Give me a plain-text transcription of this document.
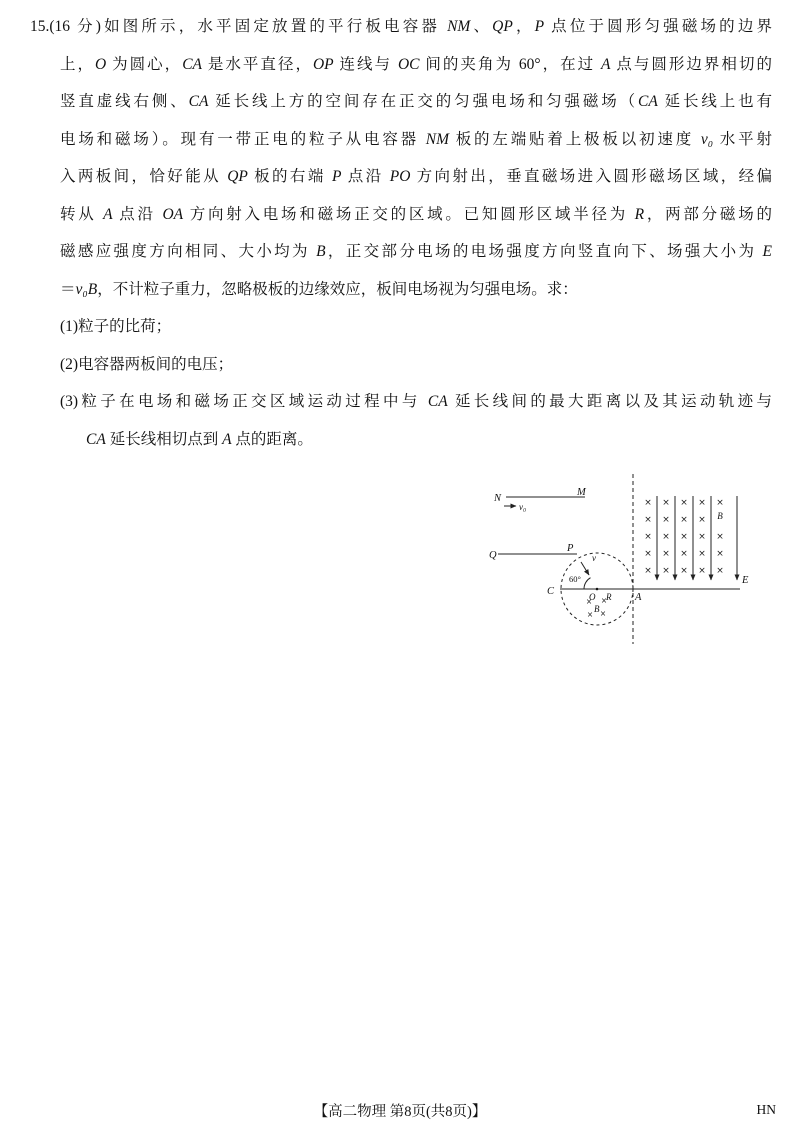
15.(16 分)如图所示，水平固定放置的平行板电容器 NM、QP，P 点位于圆形匀强磁场的边界
上，O 为圆心，CA 是水平直径，OP 连线与 OC 间的夹角为 60°，在过 A 点与圆形边界相切的
竖直虚线右侧、CA 延长线上方的空间存在正交的匀强电场和匀强磁场（CA 延长线上也有
电场和磁场）。现有一带正电的粒子从电容器 NM 板的左端贴着上极板以初速度 v₀ 水平射
入两板间，恰好能从 QP 板的右端 P 点沿 PO 方向射出，垂直磁场进入圆形磁场区域，经偏
转从 A 点沿 OA 方向射入电场和磁场正交的区域。已知圆形区域半径为 R，两部分磁场的
磁感应强度方向相同、大小均为 B，正交部分电场的电场强度方向竖直向下、场强大小为 E
＝v₀B，不计粒子重力，忽略极板的边缘效应，板间电场视为匀强电场。求：
(1)粒子的比荷；
(2)电容器两板间的电压；
(3)粒子在电场和磁场正交区域运动过程中与 CA 延长线间的最大距离以及其运动轨迹与
CA 延长线相切点到 A 点的距离。
N
M
v₀
Q
P
v
60°
C
A
O R
B
B
E
×
×
×
×
×
×
×
×
×
×
×
×
×
×
×
×
×
×
×
×
×
×
×
×
× ×
× ×
【高二物理 第8页(共8页)】	HN
